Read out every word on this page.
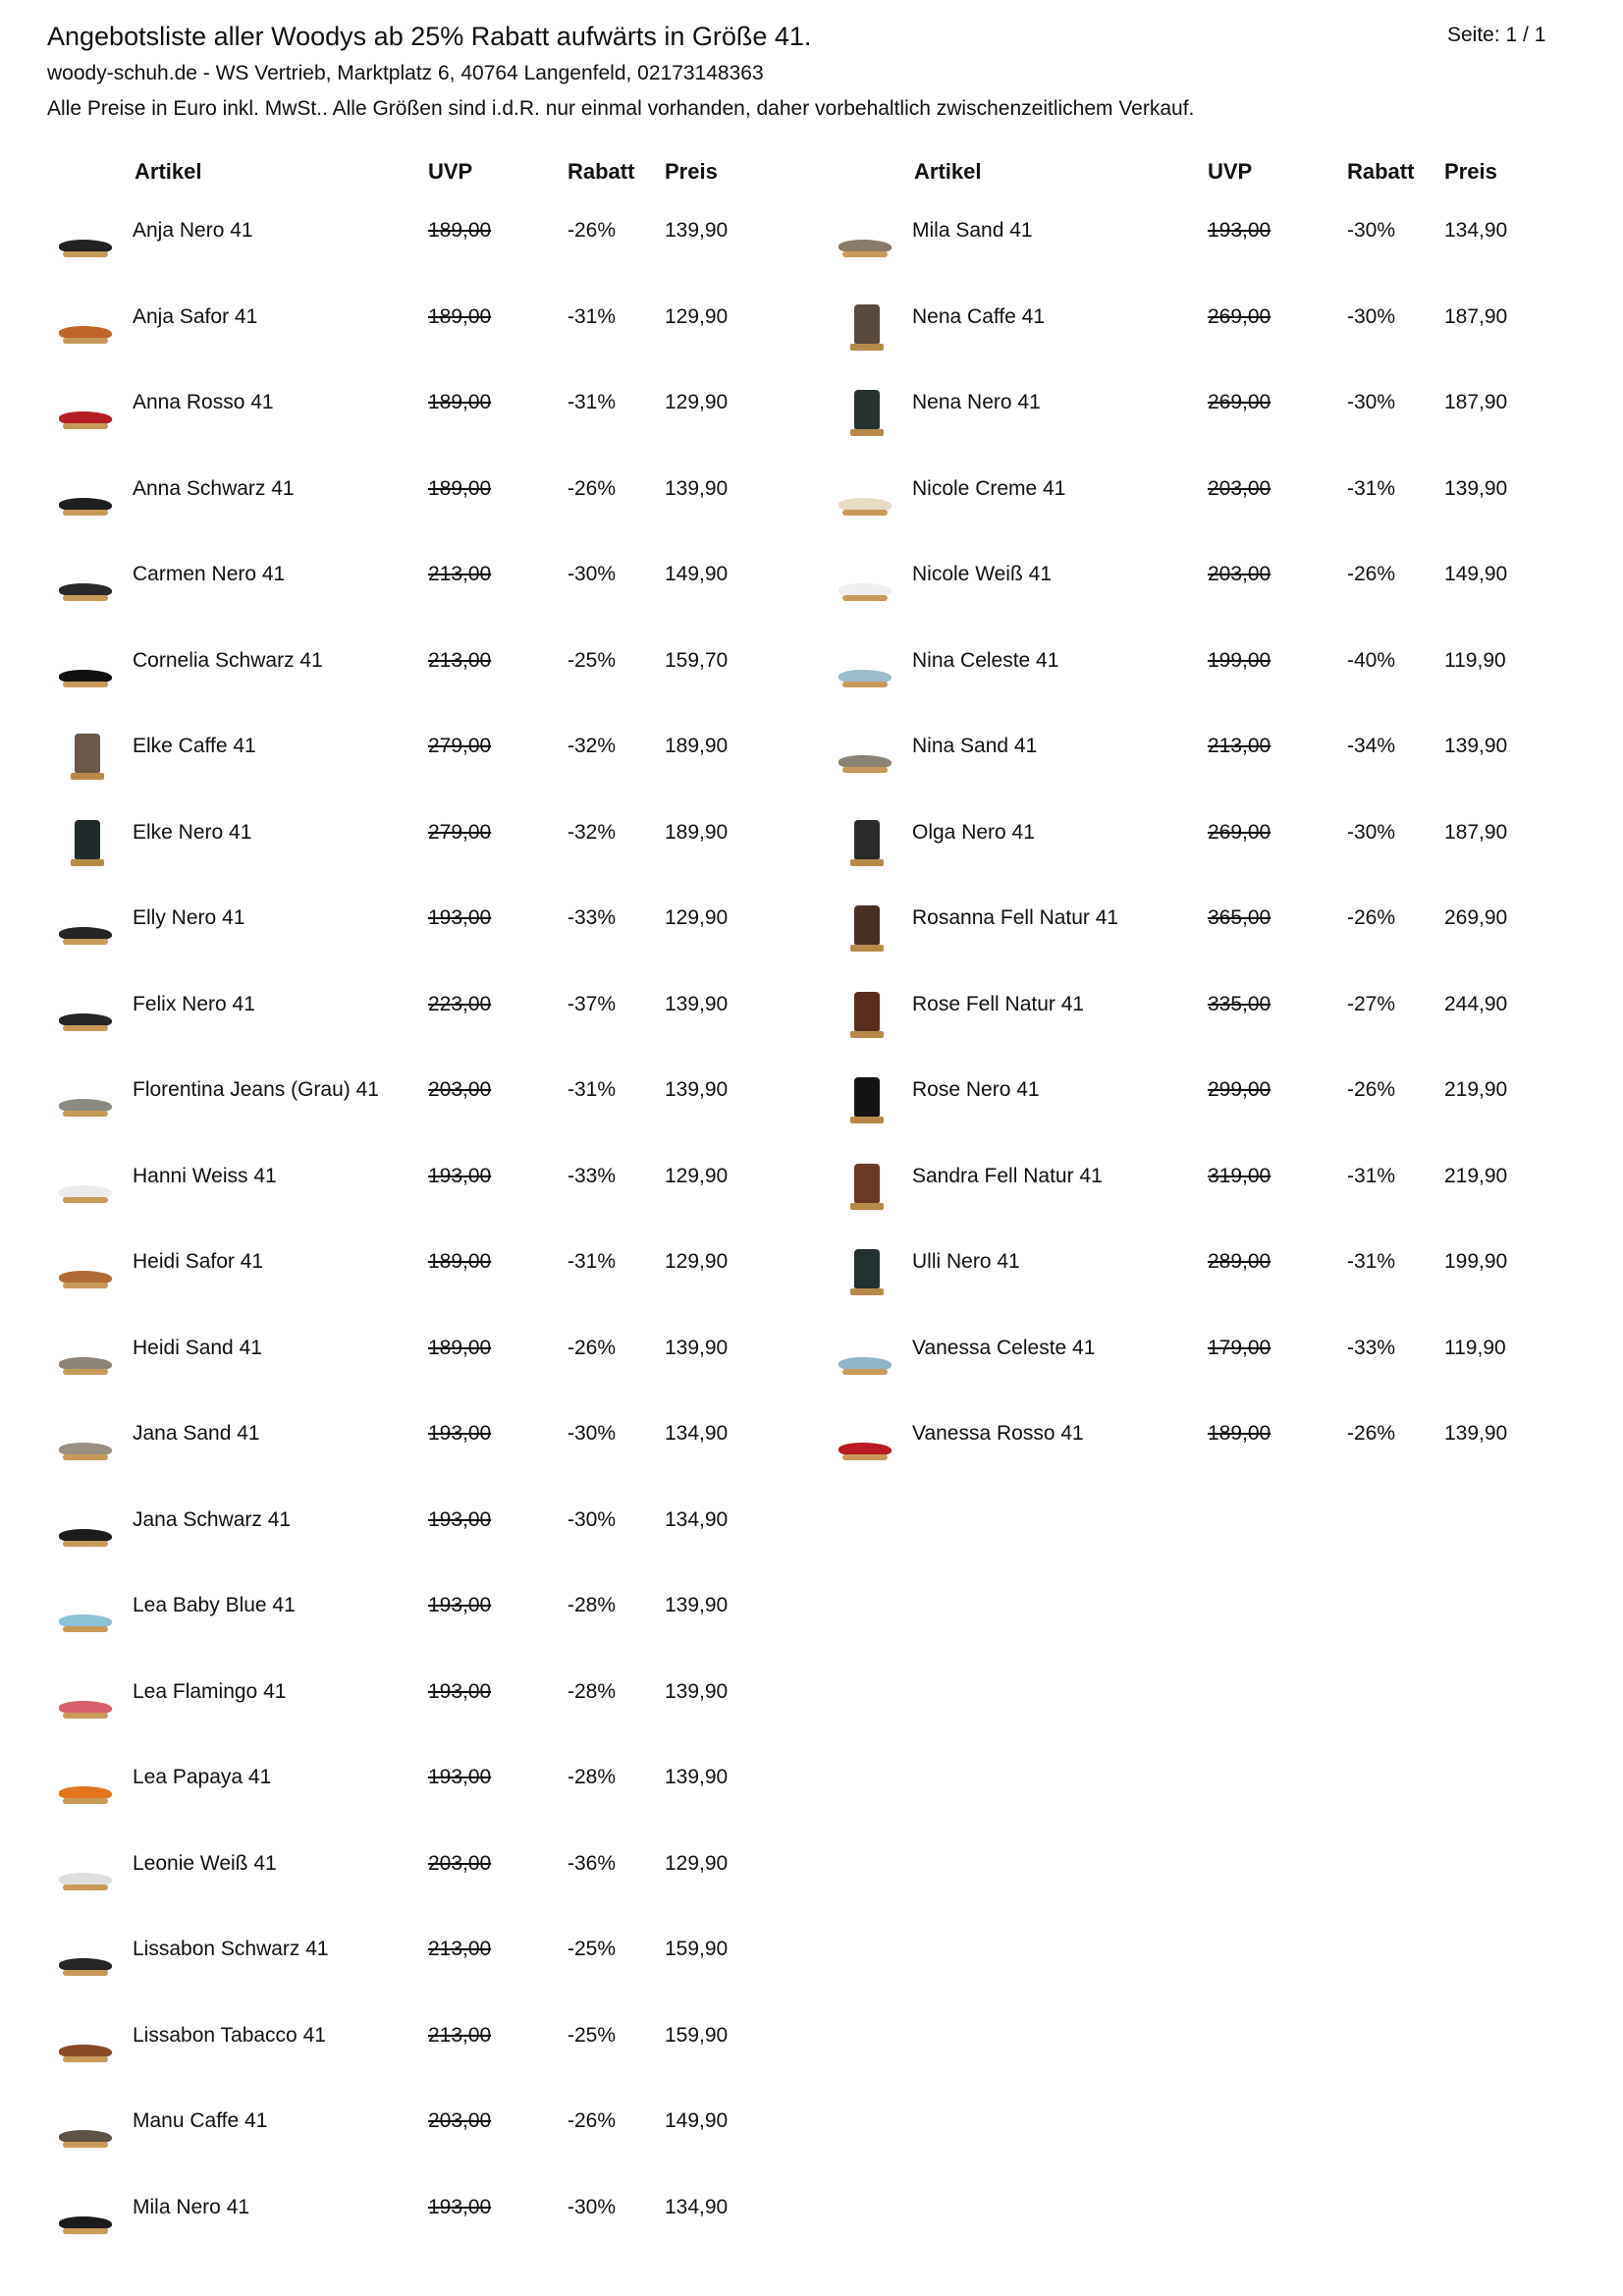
Angebotsliste aller Woodys ab 25% Rabatt aufwärts in Größe 41.	Seite: 1 / 1
woody-schuh.de - WS Vertrieb, Marktplatz 6, 40764 Langenfeld, 02173148363
Alle Preise in Euro inkl. MwSt.. Alle Größen sind i.d.R. nur einmal vorhanden, daher vorbehaltlich zwischenzeitlichem Verkauf.
Artikel	UVP	Rabatt Preis
Anja Nero 41	189,00	-26% 139,90
Anja Safor 41	189,00	-31% 129,90
Anna Rosso 41	189,00	-31% 129,90
Anna Schwarz 41	189,00	-26% 139,90
Carmen Nero 41	213,00	-30% 149,90
Cornelia Schwarz 41	213,00	-25% 159,70
Elke Caffe 41	279,00	-32% 189,90
Elke Nero 41	279,00	-32% 189,90
Elly Nero 41	193,00	-33% 129,90
Felix Nero 41	223,00	-37% 139,90
Florentina Jeans (Grau) 41 203,00	-31% 139,90
Hanni Weiss 41	193,00	-33% 129,90
Heidi Safor 41	189,00	-31% 129,90
Heidi Sand 41	189,00	-26% 139,90
Jana Sand 41	193,00	-30% 134,90
Jana Schwarz 41	193,00	-30% 134,90
Lea Baby Blue 41	193,00	-28% 139,90
Lea Flamingo 41	193,00	-28% 139,90
Lea Papaya 41	193,00	-28% 139,90
Leonie Weiß 41	203,00	-36% 129,90
Lissabon Schwarz 41	213,00	-25% 159,90
Lissabon Tabacco 41	213,00	-25% 159,90
Manu Caffe 41	203,00	-26% 149,90
Mila Nero 41	193,00	-30% 134,90
Artikel	UVP	Rabatt Preis
Mila Sand 41	193,00	-30% 134,90
Nena Caffe 41	269,00	-30% 187,90
Nena Nero 41	269,00	-30% 187,90
Nicole Creme 41	203,00	-31% 139,90
Nicole Weiß 41	203,00	-26% 149,90
Nina Celeste 41	199,00	-40% 119,90
Nina Sand 41	213,00	-34% 139,90
Olga Nero 41	269,00	-30% 187,90
Rosanna Fell Natur 41	365,00	-26% 269,90
Rose Fell Natur 41	335,00	-27% 244,90
Rose Nero 41	299,00	-26% 219,90
Sandra Fell Natur 41	319,00	-31% 219,90
Ulli Nero 41	289,00	-31% 199,90
Vanessa Celeste 41	179,00	-33% 119,90
Vanessa Rosso 41	189,00	-26% 139,90
